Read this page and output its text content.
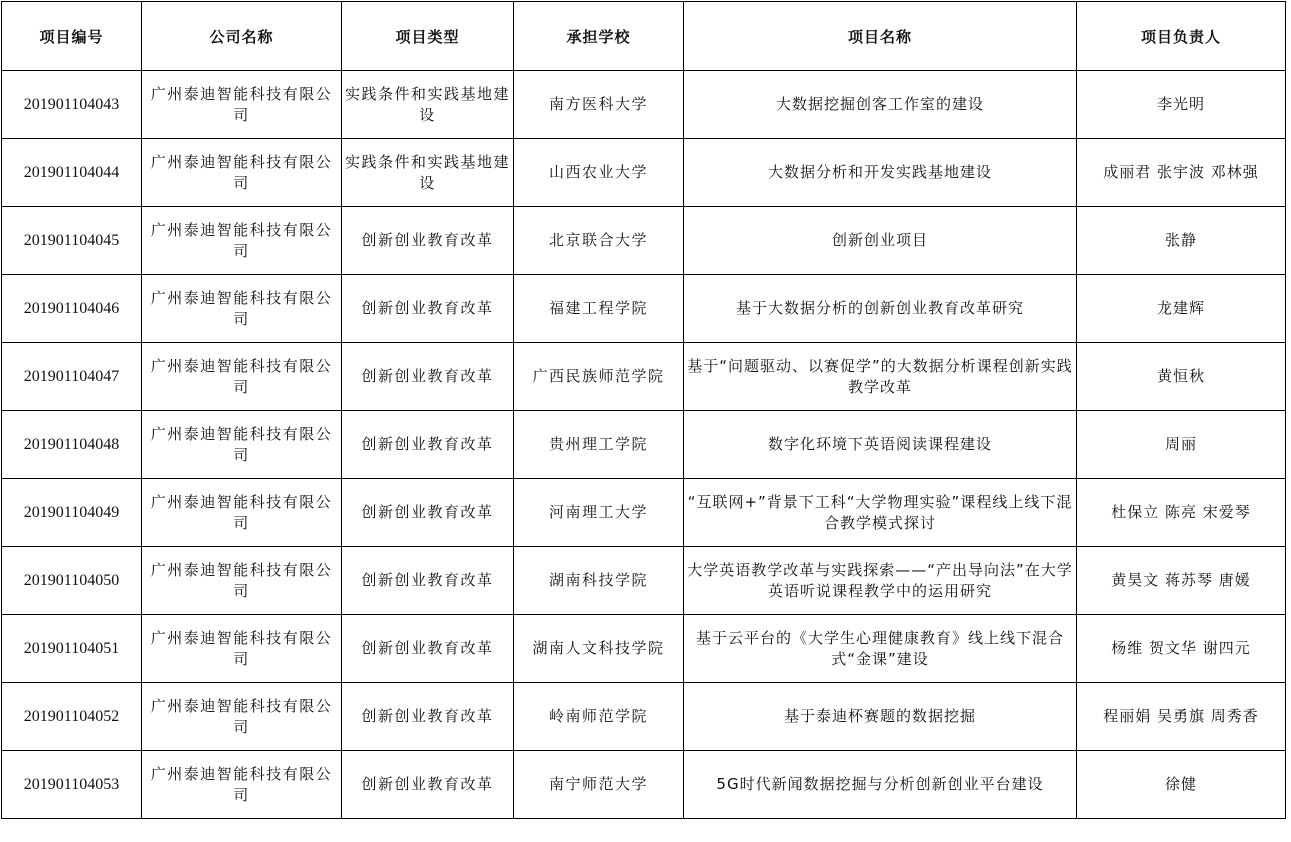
项目编号	公司名称	项目类型	承担学校	项目名称	项目负责人
201901104043	广州泰迪智能科技有限公司	实践条件和实践基地建设	南方医科大学	大数据挖掘创客工作室的建设	李光明
201901104044	广州泰迪智能科技有限公司	实践条件和实践基地建设	山西农业大学	大数据分析和开发实践基地建设	成丽君 张宇波 邓林强
201901104045	广州泰迪智能科技有限公司	创新创业教育改革	北京联合大学	创新创业项目	张静
201901104046	广州泰迪智能科技有限公司	创新创业教育改革	福建工程学院	基于大数据分析的创新创业教育改革研究	龙建辉
201901104047	广州泰迪智能科技有限公司	创新创业教育改革	广西民族师范学院	基于“问题驱动、以赛促学”的大数据分析课程创新实践教学改革	黄恒秋
201901104048	广州泰迪智能科技有限公司	创新创业教育改革	贵州理工学院	数字化环境下英语阅读课程建设	周丽
201901104049	广州泰迪智能科技有限公司	创新创业教育改革	河南理工大学	“互联网+”背景下工科“大学物理实验”课程线上线下混合教学模式探讨	杜保立 陈亮 宋爱琴
201901104050	广州泰迪智能科技有限公司	创新创业教育改革	湖南科技学院	大学英语教学改革与实践探索——“产出导向法”在大学英语听说课程教学中的运用研究	黄昊文 蒋苏琴 唐媛
201901104051	广州泰迪智能科技有限公司	创新创业教育改革	湖南人文科技学院	基于云平台的《大学生心理健康教育》线上线下混合式“金课”建设	杨维 贺文华 谢四元
201901104052	广州泰迪智能科技有限公司	创新创业教育改革	岭南师范学院	基于泰迪杯赛题的数据挖掘	程丽娟 吴勇旗 周秀香
201901104053	广州泰迪智能科技有限公司	创新创业教育改革	南宁师范大学	5G时代新闻数据挖掘与分析创新创业平台建设	徐健
